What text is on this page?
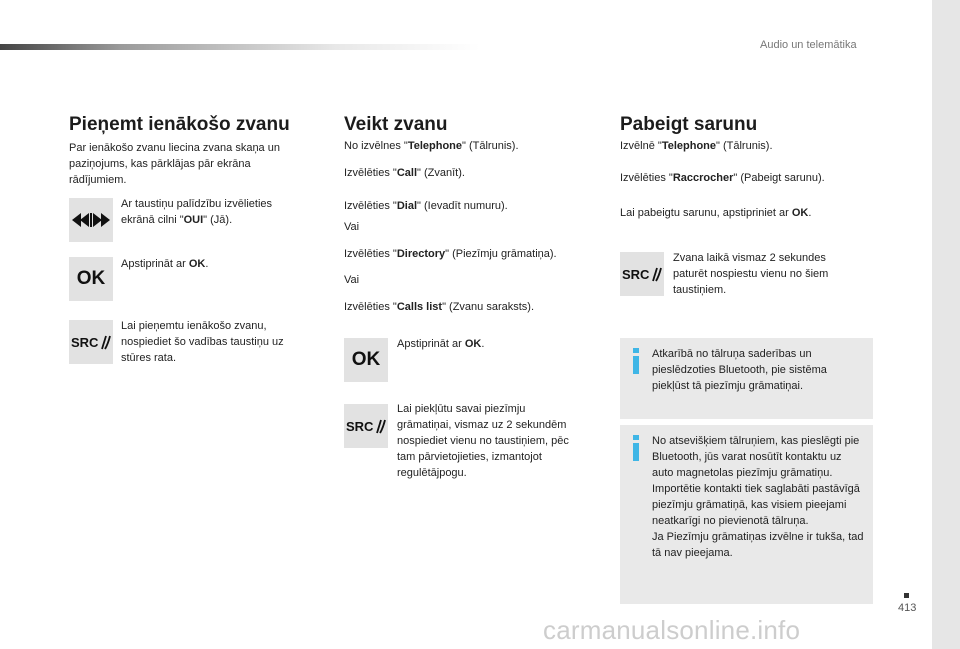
Audio un telemātika
413
carmanualsonline.info
Pieņemt ienākošo zvanu
Par ienākošo zvanu liecina zvana skaņa un paziņojums, kas pārklājas pār ekrāna rādījumiem.
Ar taustiņu palīdzību izvēlieties ekrānā cilni "OUI" (Jā).
OK
Apstiprināt ar OK.
SRC
Lai pieņemtu ienākošo zvanu, nospiediet šo vadības taustiņu uz stūres rata.
Veikt zvanu
No izvēlnes "Telephone" (Tālrunis).
Izvēlēties "Call" (Zvanīt).
Izvēlēties "Dial" (Ievadīt numuru).
Vai
Izvēlēties "Directory" (Piezīmju grāmatiņa).
Vai
Izvēlēties "Calls list" (Zvanu saraksts).
OK
Apstiprināt ar OK.
SRC
Lai piekļūtu savai piezīmju grāmatiņai, vismaz uz 2 sekundēm nospiediet vienu no taustiņiem, pēc tam pārvietojieties, izmantojot regulētājpogu.
Pabeigt sarunu
Izvēlnē "Telephone" (Tālrunis).
Izvēlēties "Raccrocher" (Pabeigt sarunu).
Lai pabeigtu sarunu, apstipriniet ar OK.
SRC
Zvana laikā vismaz 2 sekundes paturēt nospiestu vienu no šiem taustiņiem.
Atkarībā no tālruņa saderības un pieslēdzoties Bluetooth, pie sistēma piekļūst tā piezīmju grāmatiņai.
No atsevišķiem tālruņiem, kas pieslēgti pie Bluetooth, jūs varat nosūtīt kontaktu uz auto magnetolas piezīmju grāmatiņu.
Importētie kontakti tiek saglabāti pastāvīgā piezīmju grāmatiņā, kas visiem pieejami neatkarīgi no pievienotā tālruņa.
Ja Piezīmju grāmatiņas izvēlne ir tukša, tad tā nav pieejama.
